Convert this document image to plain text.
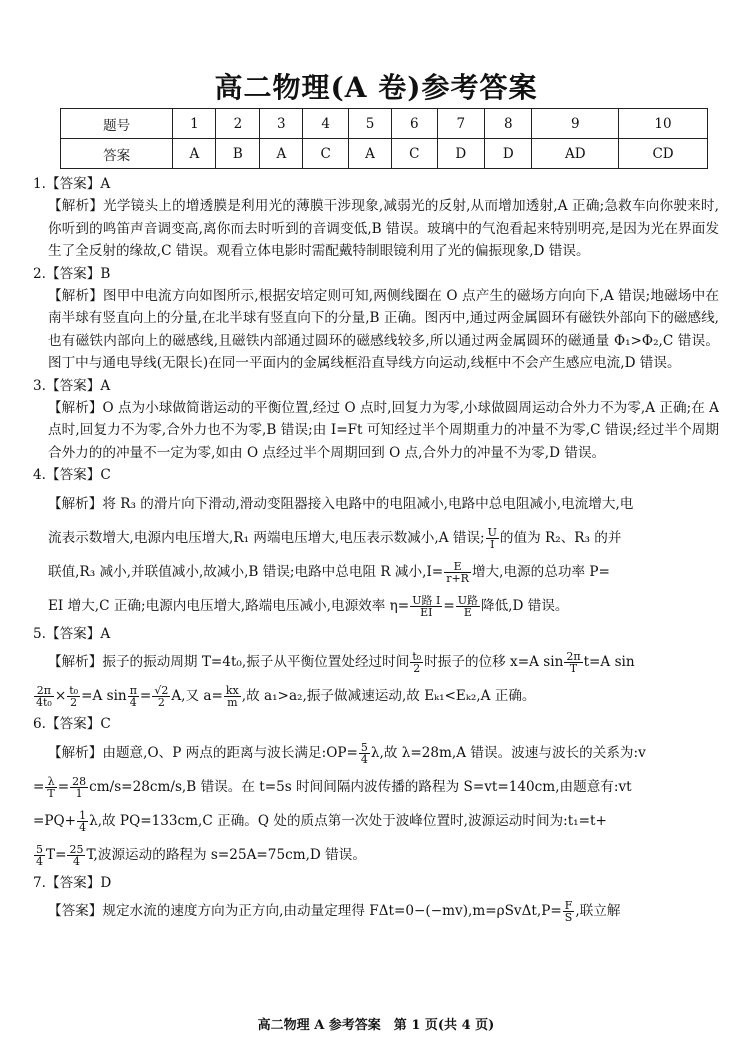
高二物理(A 卷)参考答案
题号	1	2	3	4	5	6	7	8	9	10
答案	A	B	A	C	A	C	D	D	AD	CD

1.【答案】A

【解析】光学镜头上的增透膜是利用光的薄膜干涉现象,减弱光的反射,从而增加透射,A 正确;急救车向你驶来时,你听到的鸣笛声音调变高,离你而去时听到的音调变低,B 错误。玻璃中的气泡看起来特别明亮,是因为光在界面发生了全反射的缘故,C 错误。观看立体电影时需配戴特制眼镜利用了光的偏振现象,D 错误。

2.【答案】B

【解析】图甲中电流方向如图所示,根据安培定则可知,两侧线圈在 O 点产生的磁场方向向下,A 错误;地磁场中在南半球有竖直向上的分量,在北半球有竖直向下的分量,B 正确。图丙中,通过两金属圆环有磁铁外部向下的磁感线,也有磁铁内部向上的磁感线,且磁铁内部通过圆环的磁感线较多,所以通过两金属圆环的磁通量 Φ₁>Φ₂,C 错误。图丁中与通电导线(无限长)在同一平面内的金属线框沿直导线方向运动,线框中不会产生感应电流,D 错误。

3.【答案】A

【解析】O 点为小球做简谐运动的平衡位置,经过 O 点时,回复力为零,小球做圆周运动合外力不为零,A 正确;在 A 点时,回复力不为零,合外力也不为零,B 错误;由 I=Ft 可知经过半个周期重力的冲量不为零,C 错误;经过半个周期合外力的的冲量不一定为零,如由 O 点经过半个周期回到 O 点,合外力的冲量不为零,D 错误。

4.【答案】C

【解析】将 R₃ 的滑片向下滑动,滑动变阻器接入电路中的电阻减小,电路中总电阻减小,电流增大,电

流表示数增大,电源内电压增大,R₁ 两端电压增大,电压表示数减小,A 错误; $\frac{U}{I}$ 的值为 R₂、R₃ 的并

联值,R₃ 减小,并联值减小,故减小,B 错误;电路中总电阻 R 减小$,I= \frac{E}{r+R}$ 增大,电源的总功率 P=

EI 增大,C 正确;电源内电压增大,路端电压减小,电源效率 $\eta= \frac{\text{U路 I}}{EI} = \frac{\text{U路}}{E}$ 降低,D 错误。

5.【答案】A

【解析】振子的振动周期 T=4t₀,振子从平衡位置处经过时间 $\frac{\text{t₀}}{2}$ 时振子的位移 x=A $\sin \frac{2\pi}{T} t=A$ sin

$\frac{2\pi}{\text{4t₀}} \times \frac{\text{t₀}}{2} =A$ $\sin \frac{\pi}{4} = \frac{√2}{2} A$,又 $a= \frac{kx}{m}$ ,故 a₁>a₂,振子做减速运动,故 Eₖ₁<Eₖ₂,A 正确。

6.【答案】C

【解析】由题意,O、P 两点的距离与波长满足:OP= $\frac{5}{4} \lambda$,故 λ=28m,A 错误。波速与波长的关系为:v

= $\frac{\lambda}{T} = \frac{28}{1} cm/s=28cm/s,B$ 错误。在 t=5s 时间间隔内波传播的路程为 S=vt=140cm,由题意有:vt

$=PQ+ \frac{1}{4} \lambda$,故 PQ=133cm,C 正确。Q 处的质点第一次处于波峰位置时,波源运动时间为:t₁=t+

$\frac{5}{4} T= \frac{25}{4} T$,波源运动的路程为 s=25A=75cm,D 错误。

7.【答案】D

【答案】规定水流的速度方向为正方向,由动量定理得 $F\Delta t=0-(-mv),m=\rho Sv\Delta t,P= \frac{F}{S}$ ,联立解

高二物理 A 参考答案　第 1 页(共 4 页)
